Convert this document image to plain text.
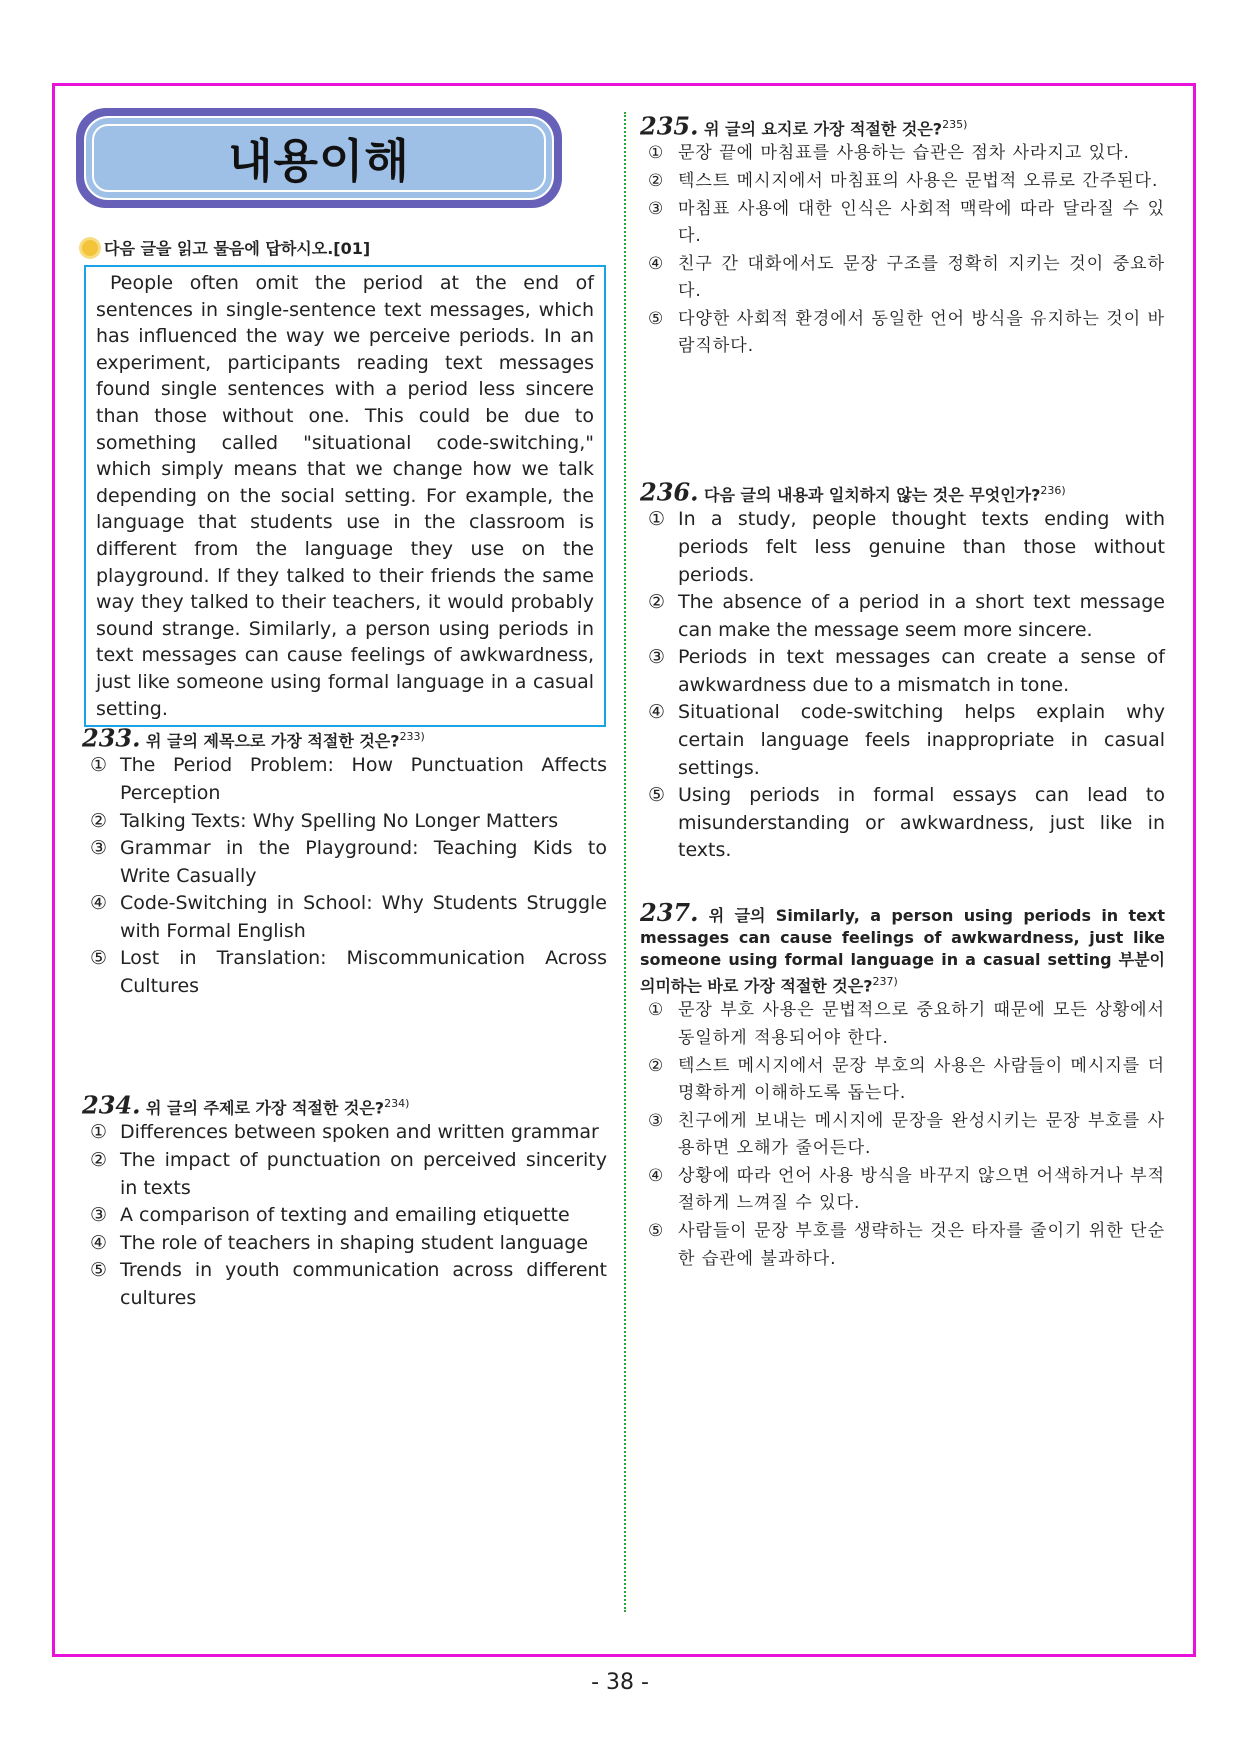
내용이해
다음 글을 읽고 물음에 답하시오.[01]

People often omit the period at the end of sentences in single-sentence text messages, which has influenced the way we perceive periods. In an experiment, participants reading text messages found single sentences with a period less sincere than those without one. This could be due to something called "situational code-switching," which simply means that we change how we talk depending on the social setting. For example, the language that students use in the classroom is different from the language they use on the playground. If they talked to their friends the same way they talked to their teachers, it would probably sound strange. Similarly, a person using periods in text messages can cause feelings of awkwardness, just like someone using formal language in a casual setting.

233. 위 글의 제목으로 가장 적절한 것은?$^{233)}$
① The Period Problem: How Punctuation Affects Perception
② Talking Texts: Why Spelling No Longer Matters
③ Grammar in the Playground: Teaching Kids to Write Casually
④ Code-Switching in School: Why Students Struggle with Formal English
⑤ Lost in Translation: Miscommunication Across Cultures
234. 위 글의 주제로 가장 적절한 것은?$^{234)}$
① Differences between spoken and written grammar
② The impact of punctuation on perceived sincerity in texts
③ A comparison of texting and emailing etiquette
④ The role of teachers in shaping student language
⑤ Trends in youth communication across different cultures
235. 위 글의 요지로 가장 적절한 것은?$^{235)}$
① 문장 끝에 마침표를 사용하는 습관은 점차 사라지고 있다.
② 텍스트 메시지에서 마침표의 사용은 문법적 오류로 간주된다.
③ 마침표 사용에 대한 인식은 사회적 맥락에 따라 달라질 수 있다.
④ 친구 간 대화에서도 문장 구조를 정확히 지키는 것이 중요하다.
⑤ 다양한 사회적 환경에서 동일한 언어 방식을 유지하는 것이 바람직하다.
236. 다음 글의 내용과 일치하지 않는 것은 무엇인가?$^{236)}$
① In a study, people thought texts ending with periods felt less genuine than those without periods.
② The absence of a period in a short text message can make the message seem more sincere.
③ Periods in text messages can create a sense of awkwardness due to a mismatch in tone.
④ Situational code-switching helps explain why certain language feels inappropriate in casual settings.
⑤ Using periods in formal essays can lead to misunderstanding or awkwardness, just like in texts.
237. 위 글의 Similarly, a person using periods in text messages can cause feelings of awkwardness, just like someone using formal language in a casual setting 부분이 의미하는 바로 가장 적절한 것은?$^{237)}$
① 문장 부호 사용은 문법적으로 중요하기 때문에 모든 상황에서 동일하게 적용되어야 한다.
② 텍스트 메시지에서 문장 부호의 사용은 사람들이 메시지를 더 명확하게 이해하도록 돕는다.
③ 친구에게 보내는 메시지에 문장을 완성시키는 문장 부호를 사용하면 오해가 줄어든다.
④ 상황에 따라 언어 사용 방식을 바꾸지 않으면 어색하거나 부적절하게 느껴질 수 있다.
⑤ 사람들이 문장 부호를 생략하는 것은 타자를 줄이기 위한 단순한 습관에 불과하다.
- 38 -
